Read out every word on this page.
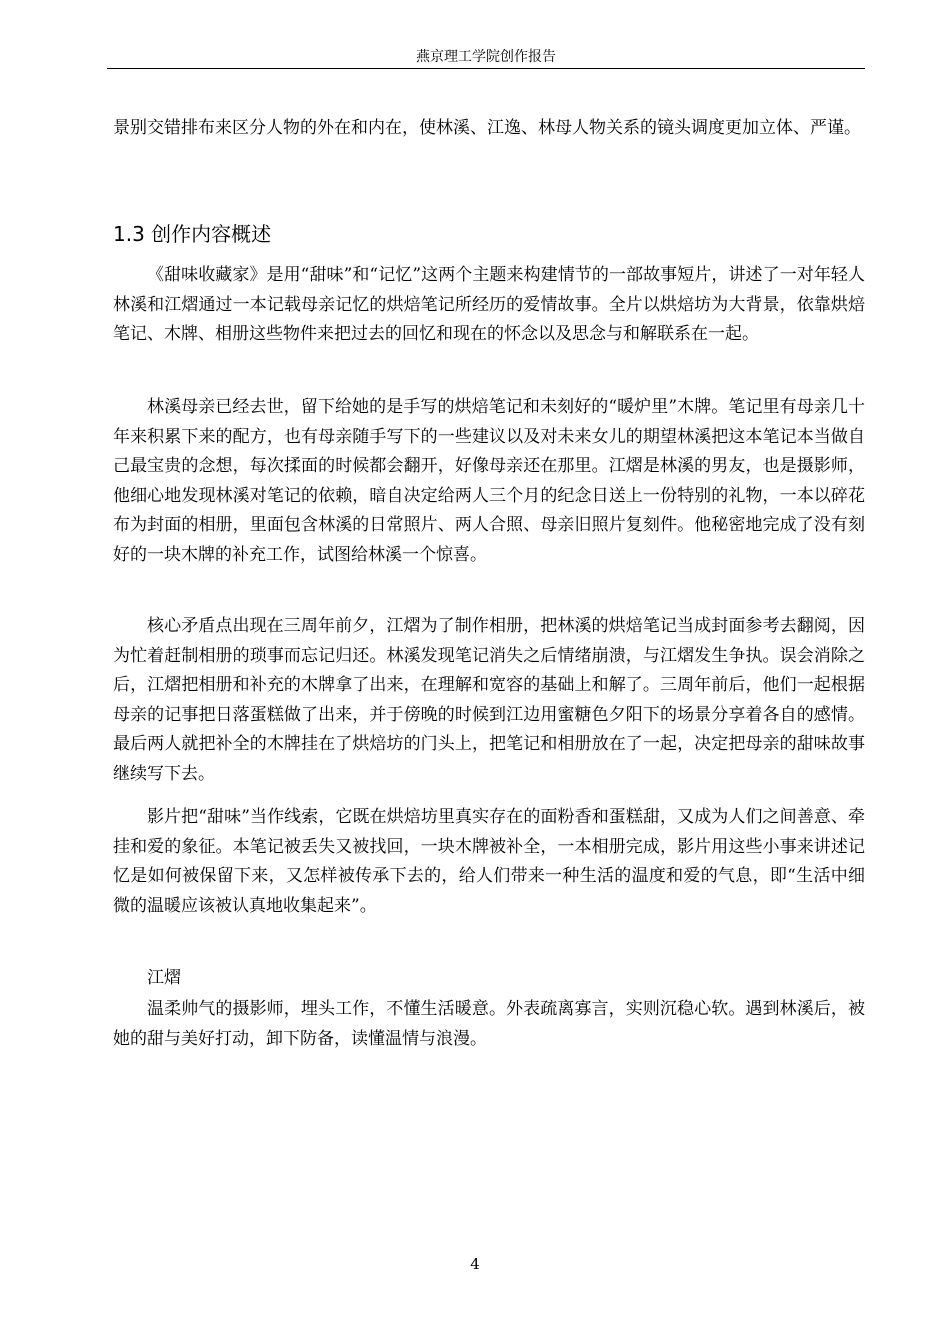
燕京理工学院创作报告

景别交错排布来区分人物的外在和内在，使林溪、江逸、林母人物关系的镜头调度更加立体、严谨。

1.3 创作内容概述

《甜味收藏家》是用“甜味”和“记忆”这两个主题来构建情节的一部故事短片，讲述了一对年轻人林溪和江熠通过一本记载母亲记忆的烘焙笔记所经历的爱情故事。全片以烘焙坊为大背景，依靠烘焙笔记、木牌、相册这些物件来把过去的回忆和现在的怀念以及思念与和解联系在一起。

林溪母亲已经去世，留下给她的是手写的烘焙笔记和未刻好的“暖炉里”木牌。笔记里有母亲几十年来积累下来的配方，也有母亲随手写下的一些建议以及对未来女儿的期望林溪把这本笔记本当做自己最宝贵的念想，每次揉面的时候都会翻开，好像母亲还在那里。江熠是林溪的男友，也是摄影师，他细心地发现林溪对笔记的依赖，暗自决定给两人三个月的纪念日送上一份特别的礼物，一本以碎花布为封面的相册，里面包含林溪的日常照片、两人合照、母亲旧照片复刻件。他秘密地完成了没有刻好的一块木牌的补充工作，试图给林溪一个惊喜。

核心矛盾点出现在三周年前夕，江熠为了制作相册，把林溪的烘焙笔记当成封面参考去翻阅，因为忙着赶制相册的琐事而忘记归还。林溪发现笔记消失之后情绪崩溃，与江熠发生争执。误会消除之后，江熠把相册和补充的木牌拿了出来，在理解和宽容的基础上和解了。三周年前后，他们一起根据母亲的记事把日落蛋糕做了出来，并于傍晚的时候到江边用蜜糖色夕阳下的场景分享着各自的感情。最后两人就把补全的木牌挂在了烘焙坊的门头上，把笔记和相册放在了一起，决定把母亲的甜味故事继续写下去。

影片把“甜味”当作线索，它既在烘焙坊里真实存在的面粉香和蛋糕甜，又成为人们之间善意、牵挂和爱的象征。本笔记被丢失又被找回，一块木牌被补全，一本相册完成，影片用这些小事来讲述记忆是如何被保留下来，又怎样被传承下去的，给人们带来一种生活的温度和爱的气息，即“生活中细微的温暖应该被认真地收集起来”。

江熠

温柔帅气的摄影师，埋头工作，不懂生活暖意。外表疏离寡言，实则沉稳心软。遇到林溪后，被她的甜与美好打动，卸下防备，读懂温情与浪漫。

4
